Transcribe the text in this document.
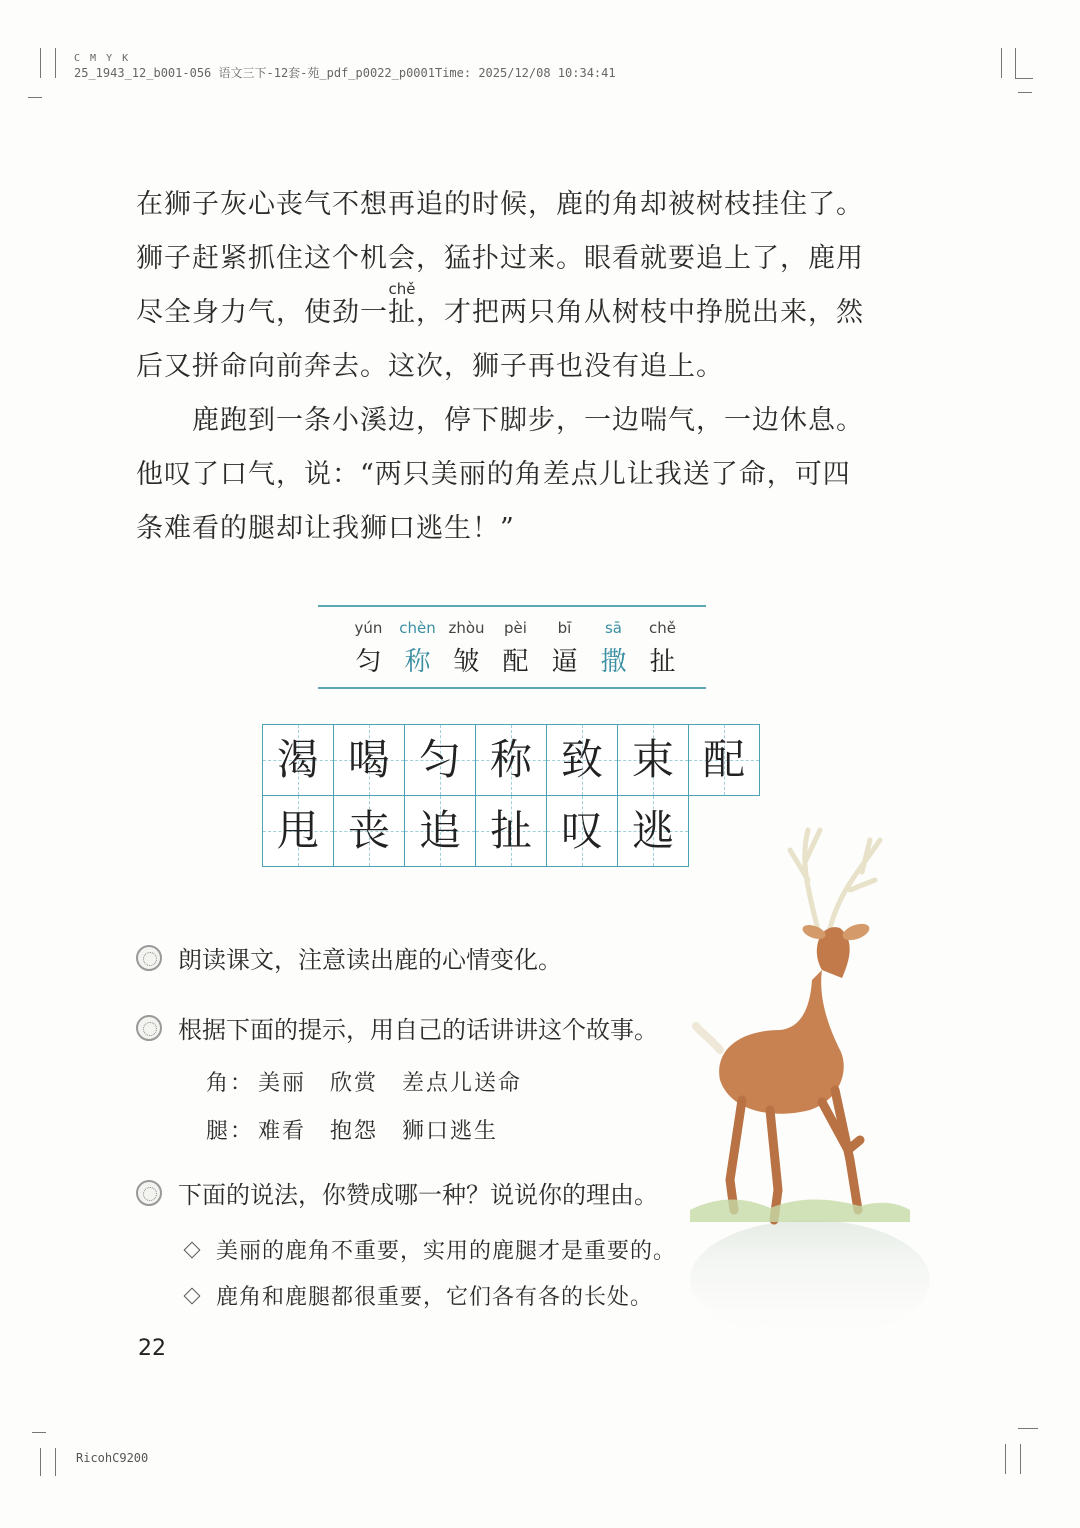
C M Y K
25_1943_12_b001-056 语文三下-12套-苑_pdf_p0022_p0001Time: 2025/12/08 10:34:41
在狮子灰心丧气不想再追的时候，鹿的角却被树枝挂住了。
狮子赶紧抓住这个机会，猛扑过来。眼看就要追上了，鹿用
尽全身力气，使劲一
chě
扯，才把两只角从树枝中挣脱出来，然
后又拼命向前奔去。这次，狮子再也没有追上。
鹿跑到一条小溪边，停下脚步，一边喘气，一边休息。
他叹了口气，说：“两只美丽的角差点儿让我送了命，可四
条难看的腿却让我狮口逃生！”
yún
匀
chèn
称
zhòu
皱
pèi
配
bī
逼
sā
撒
chě
扯
渴 喝 匀 称 致 束 配
甩 丧 追 扯 叹 逃
朗读课文，注意读出鹿的心情变化。
根据下面的提示，用自己的话讲讲这个故事。
角： 美丽 欣赏 差点儿送命
腿： 难看 抱怨 狮口逃生
下面的说法，你赞成哪一种？说说你的理由。
美丽的鹿角不重要，实用的鹿腿才是重要的。
鹿角和鹿腿都很重要，它们各有各的长处。
22
RicohC9200
